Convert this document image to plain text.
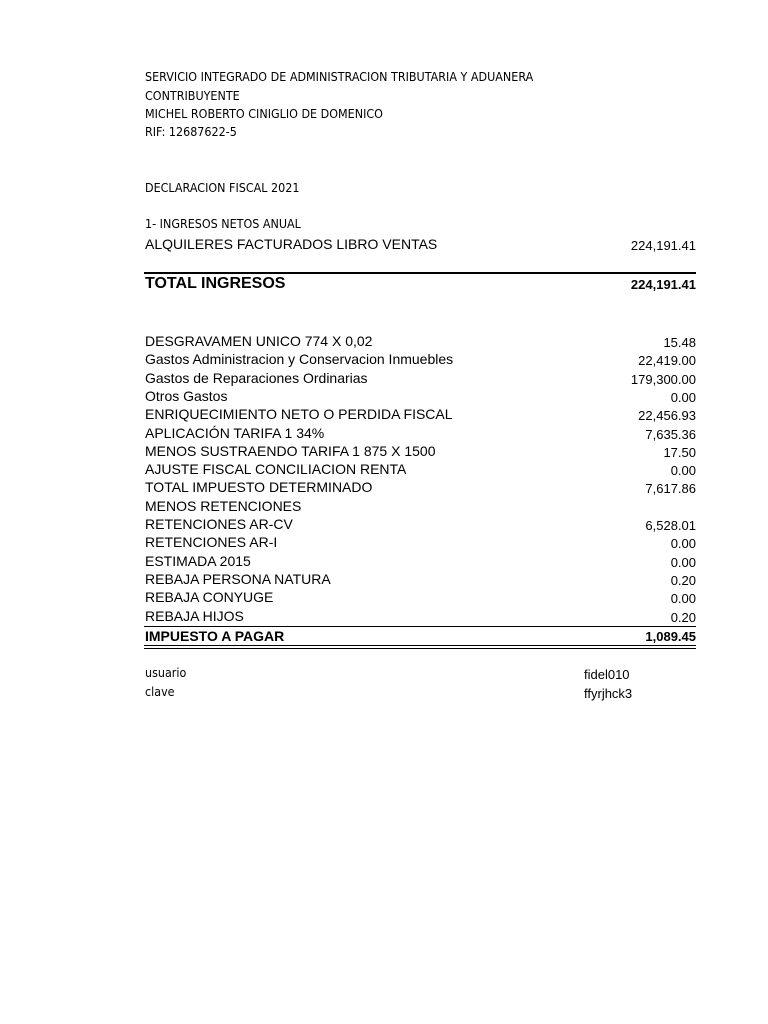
SERVICIO INTEGRADO DE ADMINISTRACION TRIBUTARIA Y ADUANERA
CONTRIBUYENTE
MICHEL ROBERTO CINIGLIO DE DOMENICO
RIF: 12687622-5
DECLARACION FISCAL 2021
1- INGRESOS NETOS ANUAL
ALQUILERES FACTURADOS LIBRO VENTAS	224,191.41
TOTAL INGRESOS	224,191.41
DESGRAVAMEN UNICO 774 X 0,02	15.48
Gastos Administracion y Conservacion Inmuebles	22,419.00
Gastos de Reparaciones Ordinarias	179,300.00
Otros Gastos	0.00
ENRIQUECIMIENTO NETO O PERDIDA FISCAL	22,456.93
APLICACIÓN TARIFA 1 34%	7,635.36
MENOS SUSTRAENDO TARIFA 1 875 X 1500	17.50
AJUSTE FISCAL CONCILIACION RENTA	0.00
TOTAL IMPUESTO DETERMINADO	7,617.86
MENOS RETENCIONES
RETENCIONES AR-CV	6,528.01
RETENCIONES AR-I	0.00
ESTIMADA 2015	0.00
REBAJA PERSONA NATURA	0.20
REBAJA CONYUGE	0.00
REBAJA HIJOS	0.20
IMPUESTO A PAGAR	1,089.45
usuario	fidel010
clave	ffyrjhck3
